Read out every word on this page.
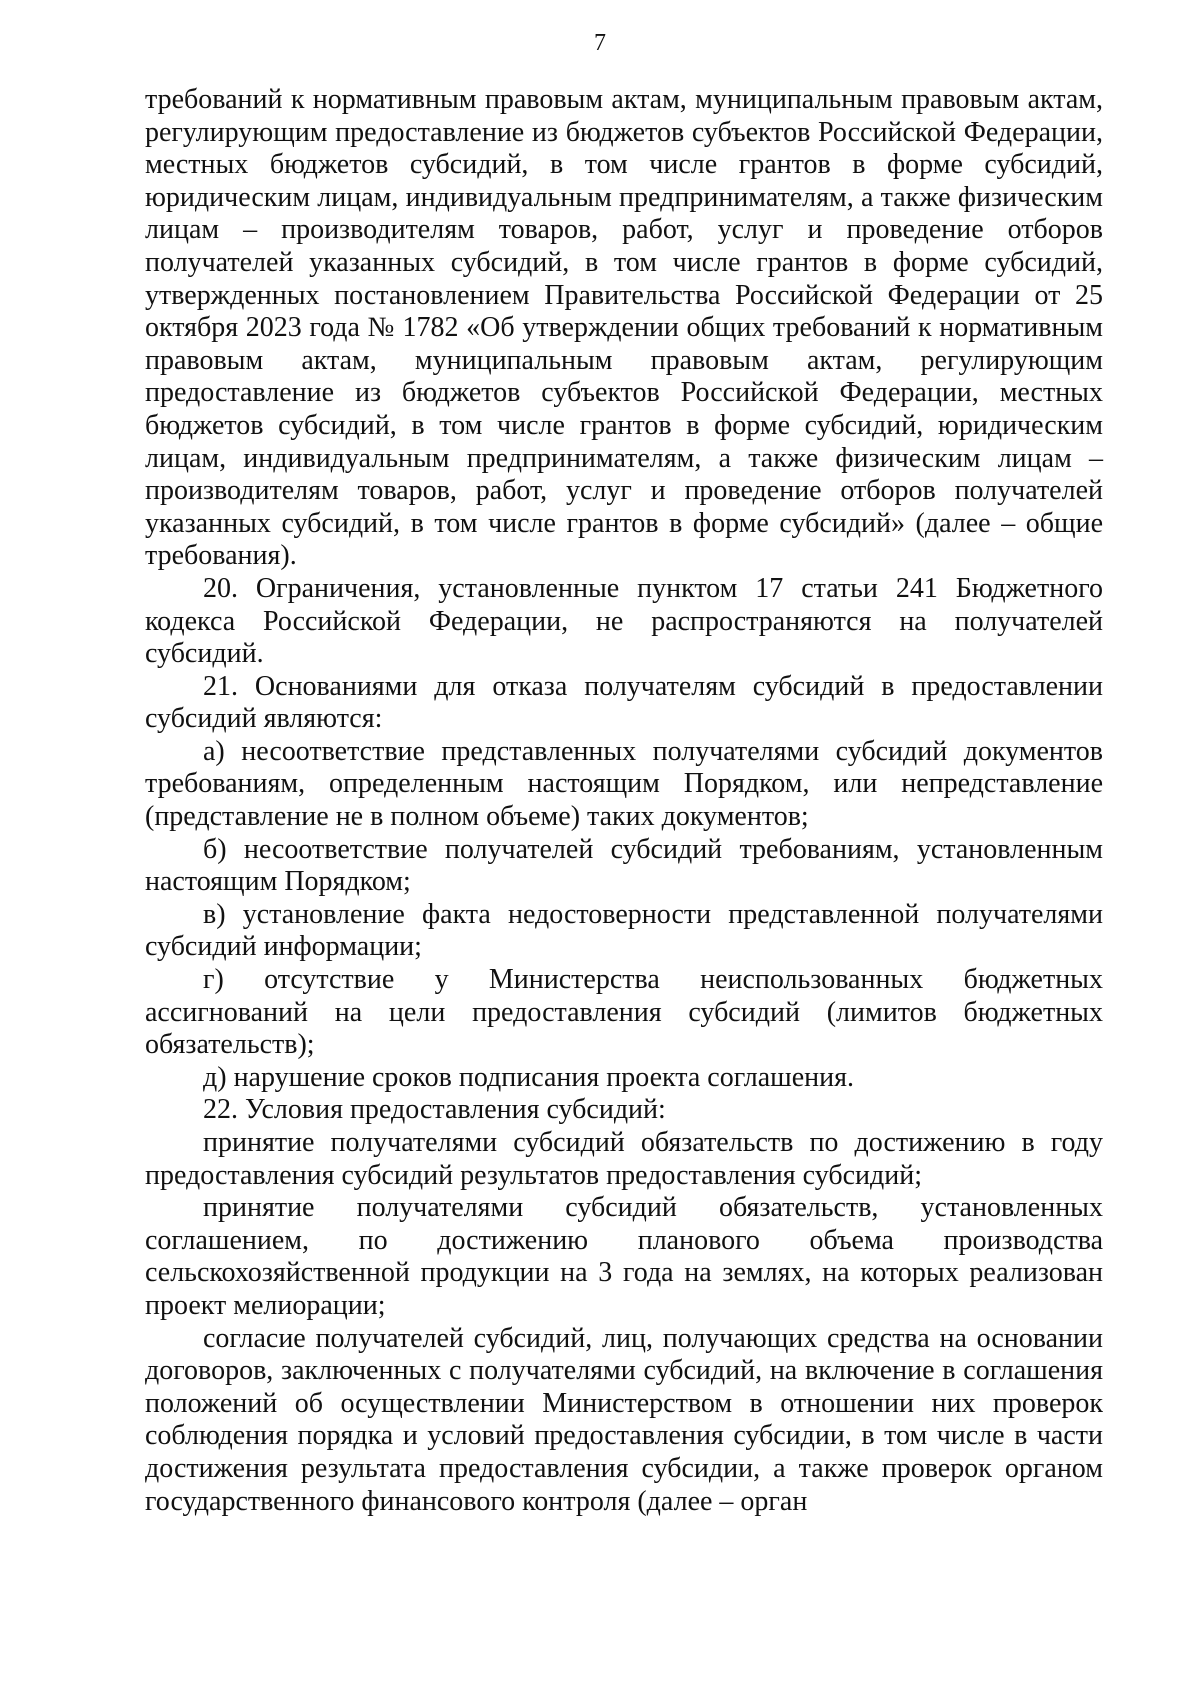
7

требований к нормативным правовым актам, муниципальным правовым актам, регулирующим предоставление из бюджетов субъектов Российской Федерации, местных бюджетов субсидий, в том числе грантов в форме субсидий, юридическим лицам, индивидуальным предпринимателям, а также физическим лицам – производителям товаров, работ, услуг и проведение отборов получателей указанных субсидий, в том числе грантов в форме субсидий, утвержденных постановлением Правительства Российской Федерации от 25 октября 2023 года № 1782 «Об утверждении общих требований к нормативным правовым актам, муниципальным правовым актам, регулирующим предоставление из бюджетов субъектов Российской Федерации, местных бюджетов субсидий, в том числе грантов в форме субсидий, юридическим лицам, индивидуальным предпринимателям, а также физическим лицам – производителям товаров, работ, услуг и проведение отборов получателей указанных субсидий, в том числе грантов в форме субсидий» (далее – общие требования).

20. Ограничения, установленные пунктом 17 статьи 241 Бюджетного кодекса Российской Федерации, не распространяются на получателей субсидий.

21. Основаниями для отказа получателям субсидий в предоставлении субсидий являются:

а) несоответствие представленных получателями субсидий документов требованиям, определенным настоящим Порядком, или непредставление (представление не в полном объеме) таких документов;

б) несоответствие получателей субсидий требованиям, установленным настоящим Порядком;

в) установление факта недостоверности представленной получателями субсидий информации;

г) отсутствие у Министерства неиспользованных бюджетных ассигнований на цели предоставления субсидий (лимитов бюджетных обязательств);

д) нарушение сроков подписания проекта соглашения.

22. Условия предоставления субсидий:

принятие получателями субсидий обязательств по достижению в году предоставления субсидий результатов предоставления субсидий;

принятие получателями субсидий обязательств, установленных соглашением, по достижению планового объема производства сельскохозяйственной продукции на 3 года на землях, на которых реализован проект мелиорации;

согласие получателей субсидий, лиц, получающих средства на основании договоров, заключенных с получателями субсидий, на включение в соглашения положений об осуществлении Министерством в отношении них проверок соблюдения порядка и условий предоставления субсидии, в том числе в части достижения результата предоставления субсидии, а также проверок органом государственного финансового контроля (далее – орган
